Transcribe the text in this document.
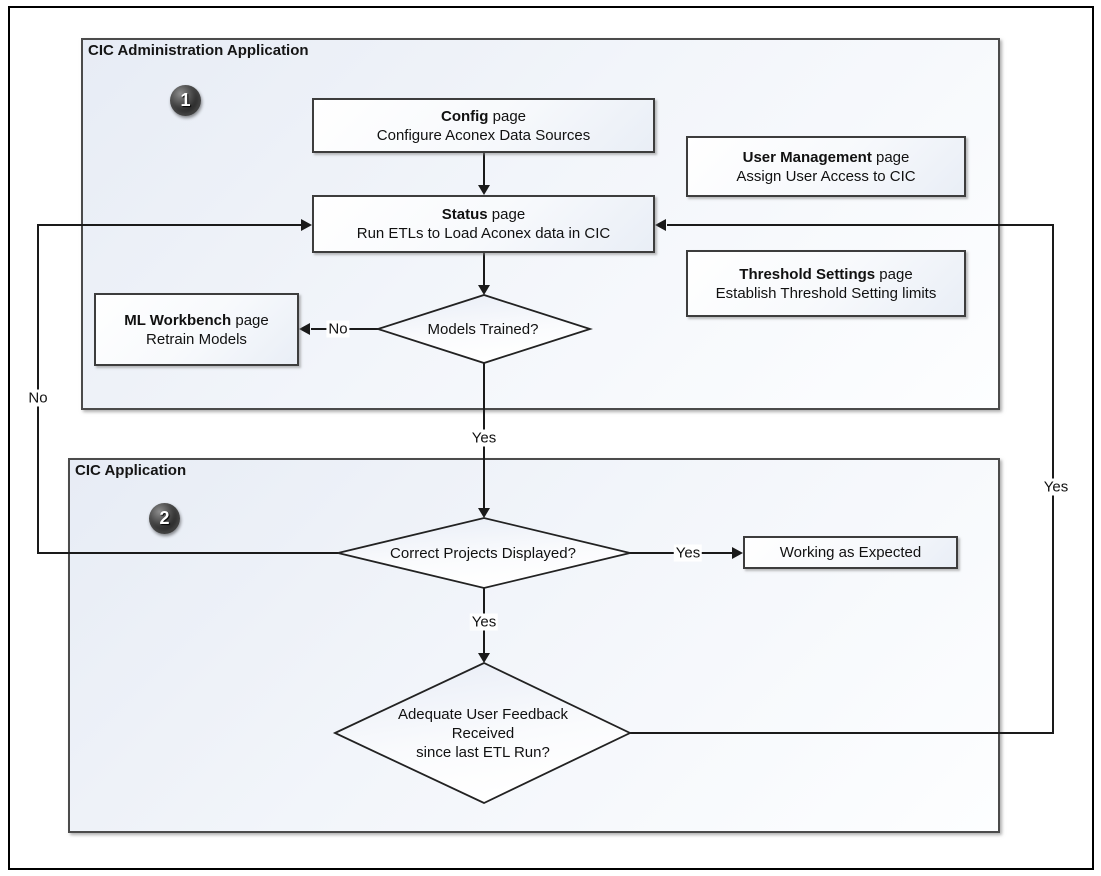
CIC Administration Application
CIC Application
1
2
Config page
Configure Aconex Data Sources
Status page
Run ETLs to Load Aconex data in CIC
User Management page
Assign User Access to CIC
Threshold Settings page
Establish Threshold Setting limits
ML Workbench page
Retrain Models
Working as Expected
Models Trained?
Correct Projects Displayed?
Adequate User Feedback
Received
since last ETL Run?
No
Yes
Yes
Yes
No
Yes
